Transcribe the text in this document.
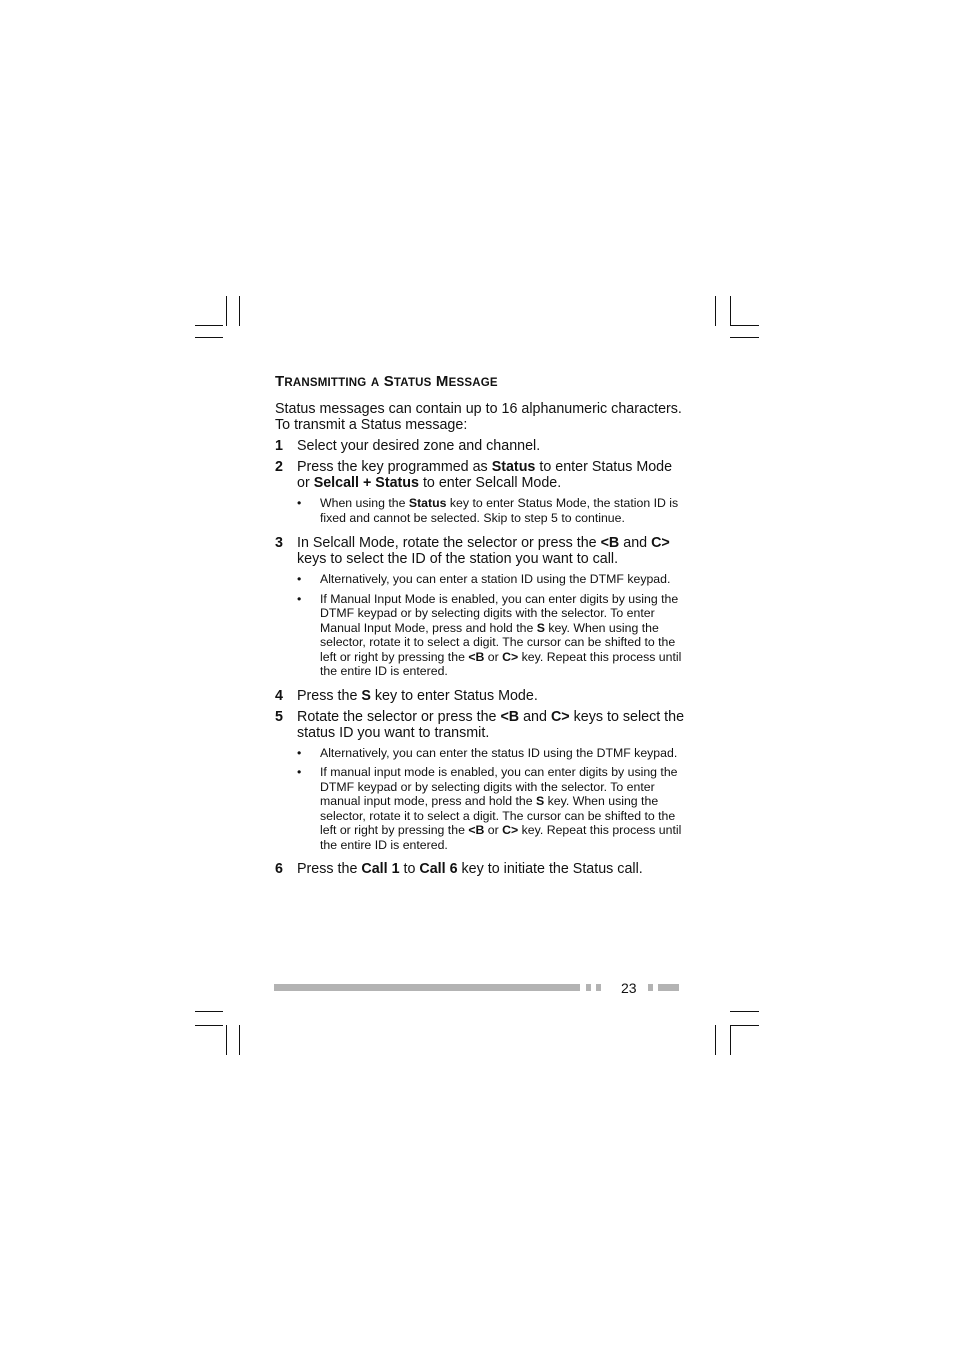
TRANSMITTING A STATUS MESSAGE

Status messages can contain up to 16 alphanumeric characters. To transmit a Status message:

1 Select your desired zone and channel.
2 Press the key programmed as Status to enter Status Mode or Selcall + Status to enter Selcall Mode.
• When using the Status key to enter Status Mode, the station ID is fixed and cannot be selected. Skip to step 5 to continue.
3 In Selcall Mode, rotate the selector or press the <B and C> keys to select the ID of the station you want to call.
• Alternatively, you can enter a station ID using the DTMF keypad.
• If Manual Input Mode is enabled, you can enter digits by using the DTMF keypad or by selecting digits with the selector. To enter Manual Input Mode, press and hold the S key. When using the selector, rotate it to select a digit. The cursor can be shifted to the left or right by pressing the <B or C> key. Repeat this process until the entire ID is entered.
4 Press the S key to enter Status Mode.
5 Rotate the selector or press the <B and C> keys to select the status ID you want to transmit.
• Alternatively, you can enter the status ID using the DTMF keypad.
• If manual input mode is enabled, you can enter digits by using the DTMF keypad or by selecting digits with the selector. To enter manual input mode, press and hold the S key. When using the selector, rotate it to select a digit. The cursor can be shifted to the left or right by pressing the <B or C> key. Repeat this process until the entire ID is entered.
6 Press the Call 1 to Call 6 key to initiate the Status call.
23
